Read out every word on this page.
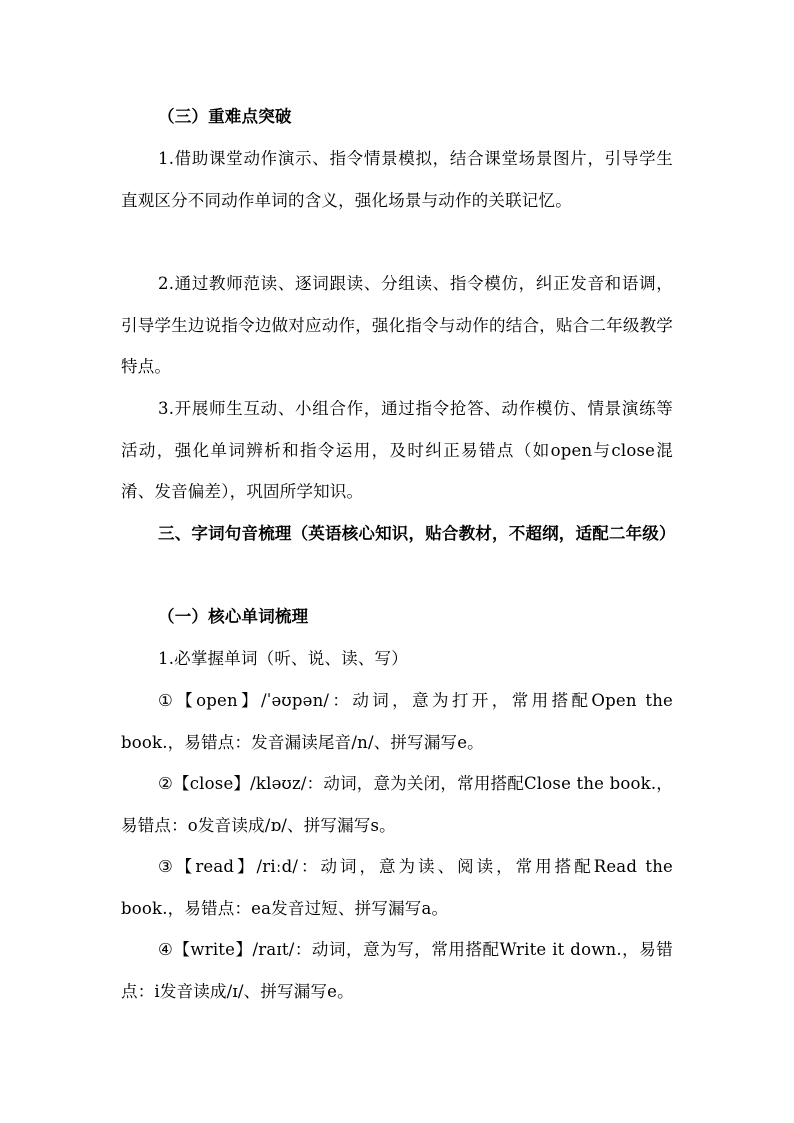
（三）重难点突破
1.借助课堂动作演示、指令情景模拟，结合课堂场景图片，引导学生直观区分不同动作单词的含义，强化场景与动作的关联记忆。
2.通过教师范读、逐词跟读、分组读、指令模仿，纠正发音和语调，引导学生边说指令边做对应动作，强化指令与动作的结合，贴合二年级教学特点。
3.开展师生互动、小组合作，通过指令抢答、动作模仿、情景演练等活动，强化单词辨析和指令运用，及时纠正易错点（如open与close混淆、发音偏差），巩固所学知识。
三、字词句音梳理（英语核心知识，贴合教材，不超纲，适配二年级）
（一）核心单词梳理
1.必掌握单词（听、说、读、写）
①【open】/ˈəʊpən/：动词，意为打开，常用搭配Open the book.，易错点：发音漏读尾音/n/、拼写漏写e。
②【close】/kləʊz/：动词，意为关闭，常用搭配Close the book.，易错点：o发音读成/ɒ/、拼写漏写s。
③【read】/riːd/：动词，意为读、阅读，常用搭配Read the book.，易错点：ea发音过短、拼写漏写a。
④【write】/raɪt/：动词，意为写，常用搭配Write it down.，易错点：i发音读成/ɪ/、拼写漏写e。
